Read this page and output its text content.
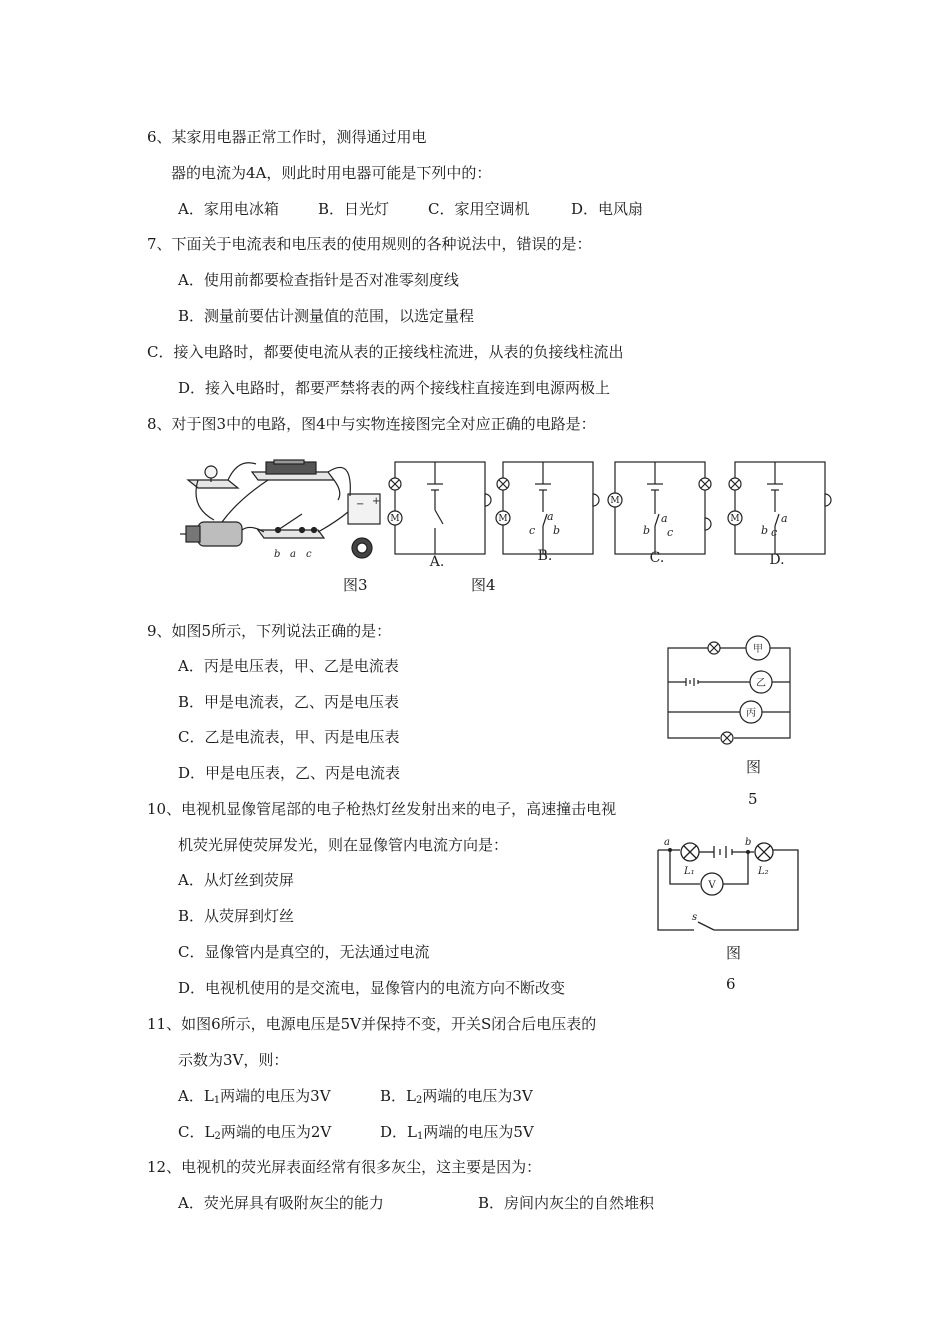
6、某家用电器正常工作时，测得通过用电
器的电流为4A，则此时用电器可能是下列中的：
A．家用电冰箱	B．日光灯	C．家用空调机	D．电风扇
7、下面关于电流表和电压表的使用规则的各种说法中，错误的是：
A．使用前都要检查指针是否对准零刻度线
B．测量前要估计测量值的范围，以选定量程
C．接入电路时，都要使电流从表的正接线柱流进，从表的负接线柱流出
D．接入电路时，都要严禁将表的两个接线柱直接连到电源两极上
8、对于图3中的电路，图4中与实物连接图完全对应正确的电路是：
− +
b a c
M	M
M
M
c
a
b	b
a
c	b c
a
A.	B.	C.	D.
图3	图4
9、如图5所示，下列说法正确的是：
A．丙是电压表，甲、乙是电流表
B．甲是电流表，乙、丙是电压表
C．乙是电流表，甲、丙是电压表
D．甲是电压表，乙、丙是电流表
甲
乙
丙
图
5
10、电视机显像管尾部的电子枪热灯丝发射出来的电子，高速撞击电视
机荧光屏使荧屏发光，则在显像管内电流方向是：
A．从灯丝到荧屏
B．从荧屏到灯丝
C．显像管内是真空的，无法通过电流
D．电视机使用的是交流电，显像管内的电流方向不断改变
a	b
L₁	L₂
s
V
图
6
11、如图6所示，电源电压是5V并保持不变，开关S闭合后电压表的
示数为3V，则：
A．$L_1$两端的电压为3V	B．$L_2$两端的电压为3V
C．$L_2$两端的电压为2V	D．$L_1$两端的电压为5V
12、电视机的荧光屏表面经常有很多灰尘，这主要是因为：
A．荧光屏具有吸附灰尘的能力	B．房间内灰尘的自然堆积
